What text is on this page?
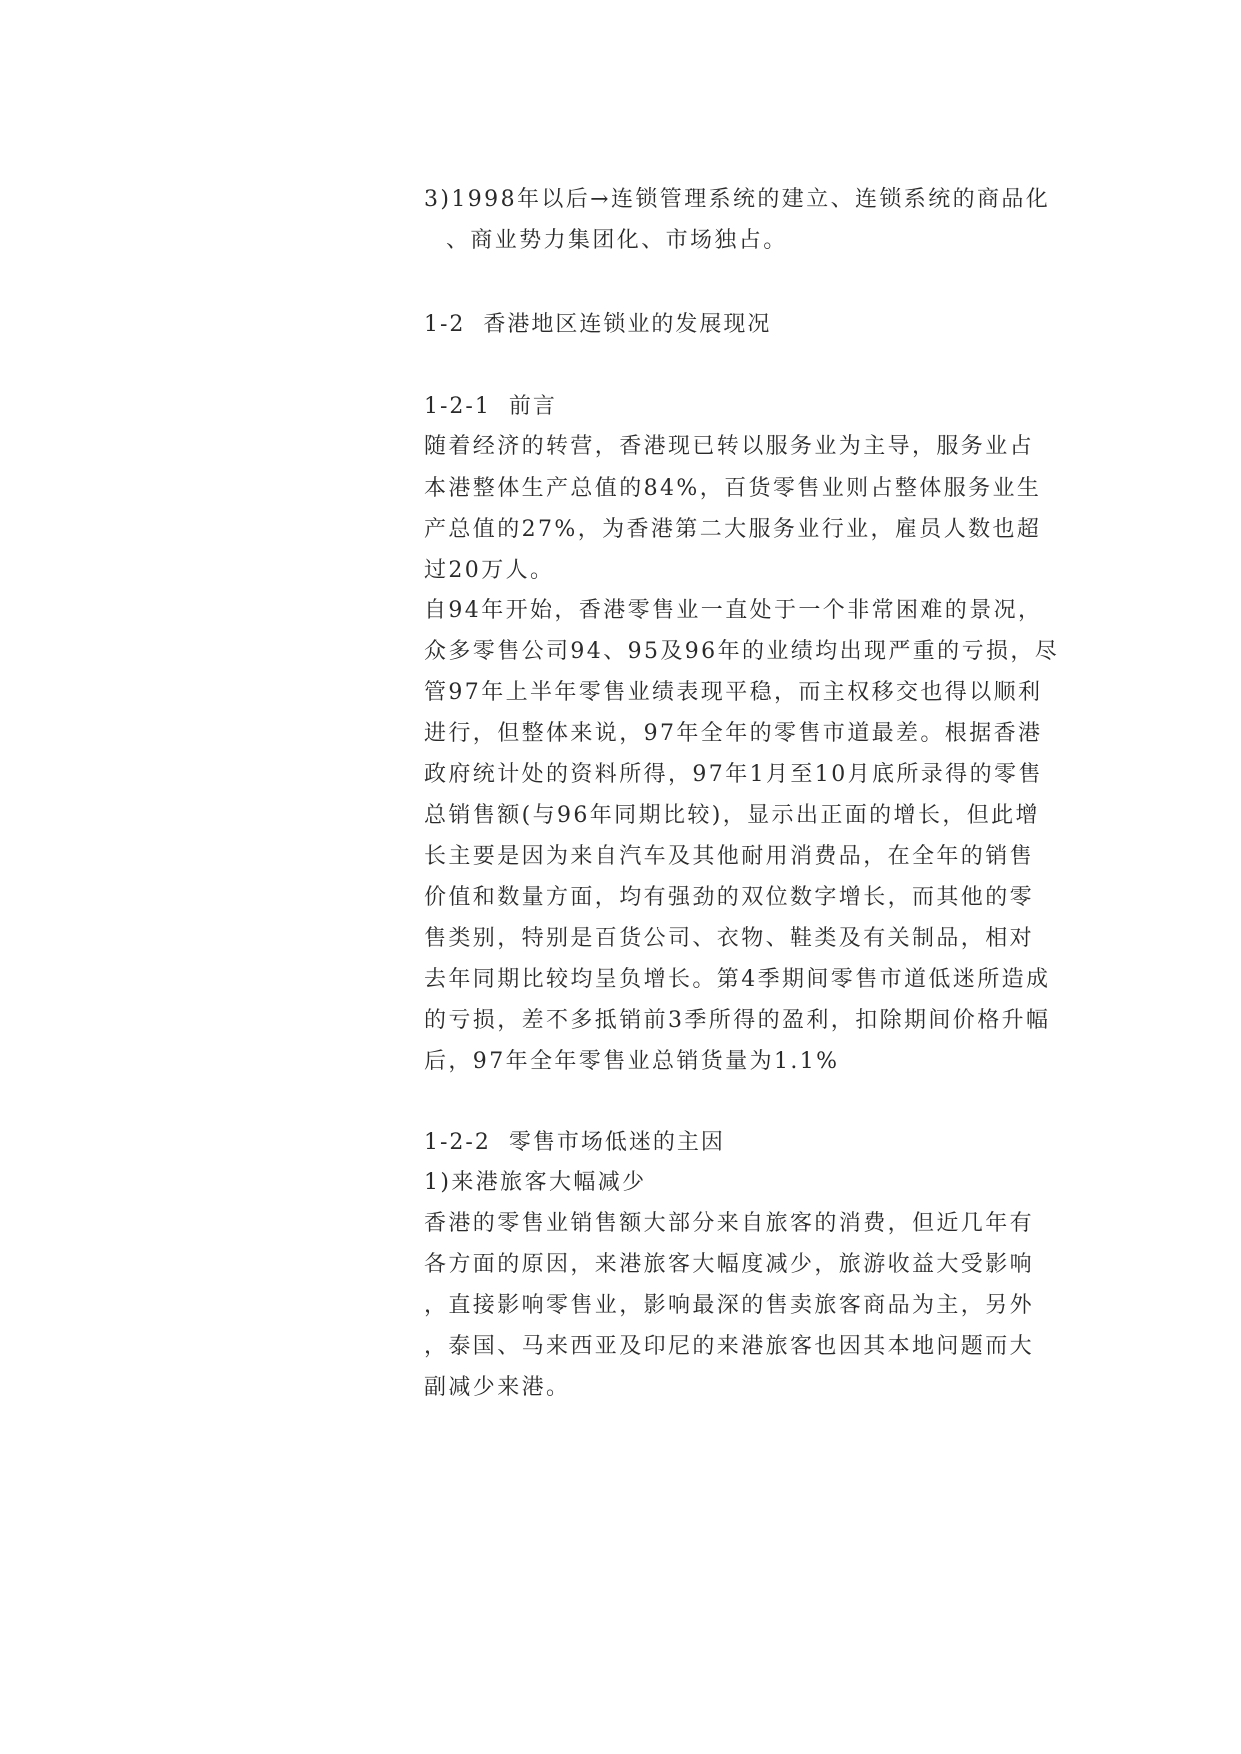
3)1998年以后→连锁管理系统的建立、连锁系统的商品化
、商业势力集团化、市场独占。
1-2  香港地区连锁业的发展现况
1-2-1  前言
随着经济的转营，香港现已转以服务业为主导，服务业占
本港整体生产总值的84%，百货零售业则占整体服务业生
产总值的27%，为香港第二大服务业行业，雇员人数也超
过20万人。
自94年开始，香港零售业一直处于一个非常困难的景况，
众多零售公司94、95及96年的业绩均出现严重的亏损，尽
管97年上半年零售业绩表现平稳，而主权移交也得以顺利
进行，但整体来说，97年全年的零售市道最差。根据香港
政府统计处的资料所得，97年1月至10月底所录得的零售
总销售额(与96年同期比较)，显示出正面的增长，但此增
长主要是因为来自汽车及其他耐用消费品，在全年的销售
价值和数量方面，均有强劲的双位数字增长，而其他的零
售类别，特别是百货公司、衣物、鞋类及有关制品，相对
去年同期比较均呈负增长。第4季期间零售市道低迷所造成
的亏损，差不多抵销前3季所得的盈利，扣除期间价格升幅
后，97年全年零售业总销货量为1.1%
1-2-2  零售市场低迷的主因
1)来港旅客大幅减少
香港的零售业销售额大部分来自旅客的消费，但近几年有
各方面的原因，来港旅客大幅度减少，旅游收益大受影响
，直接影响零售业，影响最深的售卖旅客商品为主，另外
，泰国、马来西亚及印尼的来港旅客也因其本地问题而大
副减少来港。
